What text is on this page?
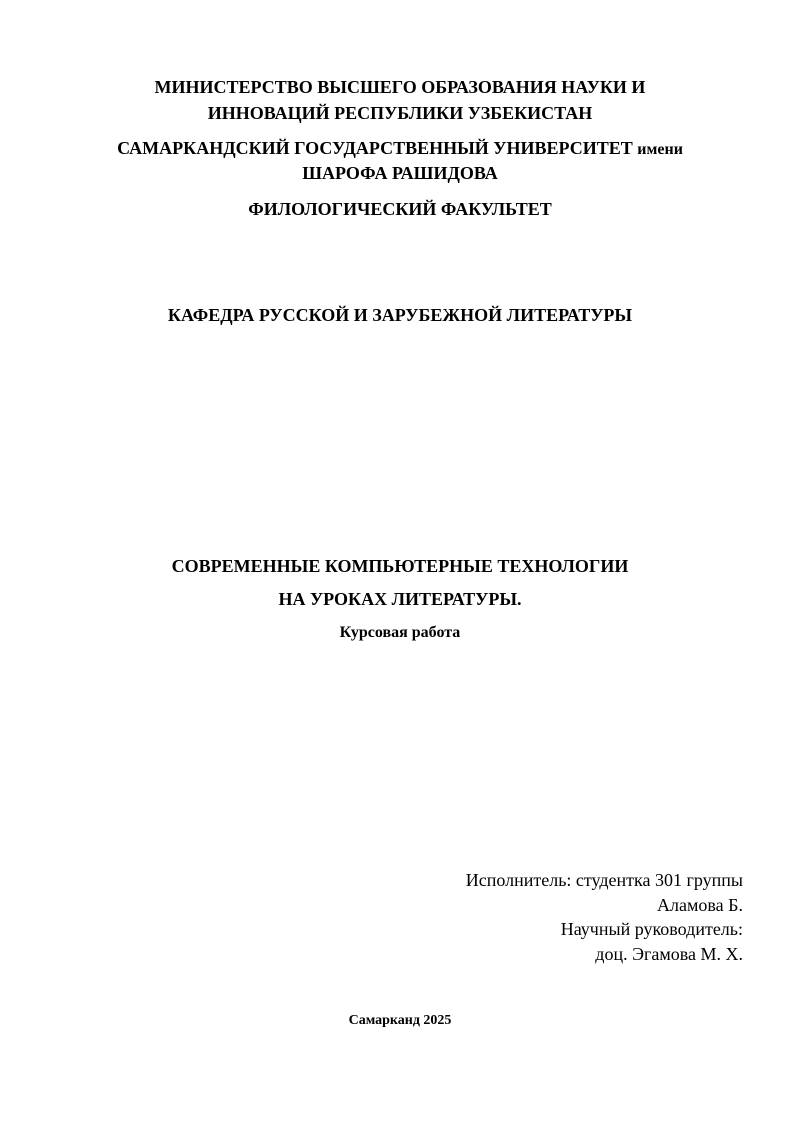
МИНИСТЕРСТВО ВЫСШЕГО ОБРАЗОВАНИЯ НАУКИ И
ИННОВАЦИЙ РЕСПУБЛИКИ УЗБЕКИСТАН
САМАРКАНДСКИЙ ГОСУДАРСТВЕННЫЙ УНИВЕРСИТЕТ имени
ШАРОФА РАШИДОВА
ФИЛОЛОГИЧЕСКИЙ ФАКУЛЬТЕТ
КАФЕДРА РУССКОЙ И ЗАРУБЕЖНОЙ ЛИТЕРАТУРЫ
СОВРЕМЕННЫЕ КОМПЬЮТЕРНЫЕ ТЕХНОЛОГИИ
НА УРОКАХ ЛИТЕРАТУРЫ.
Курсовая работа
Исполнитель: студентка 301 группы
Аламова Б.
Научный руководитель:
доц. Эгамова М. Х.
Самарканд 2025
